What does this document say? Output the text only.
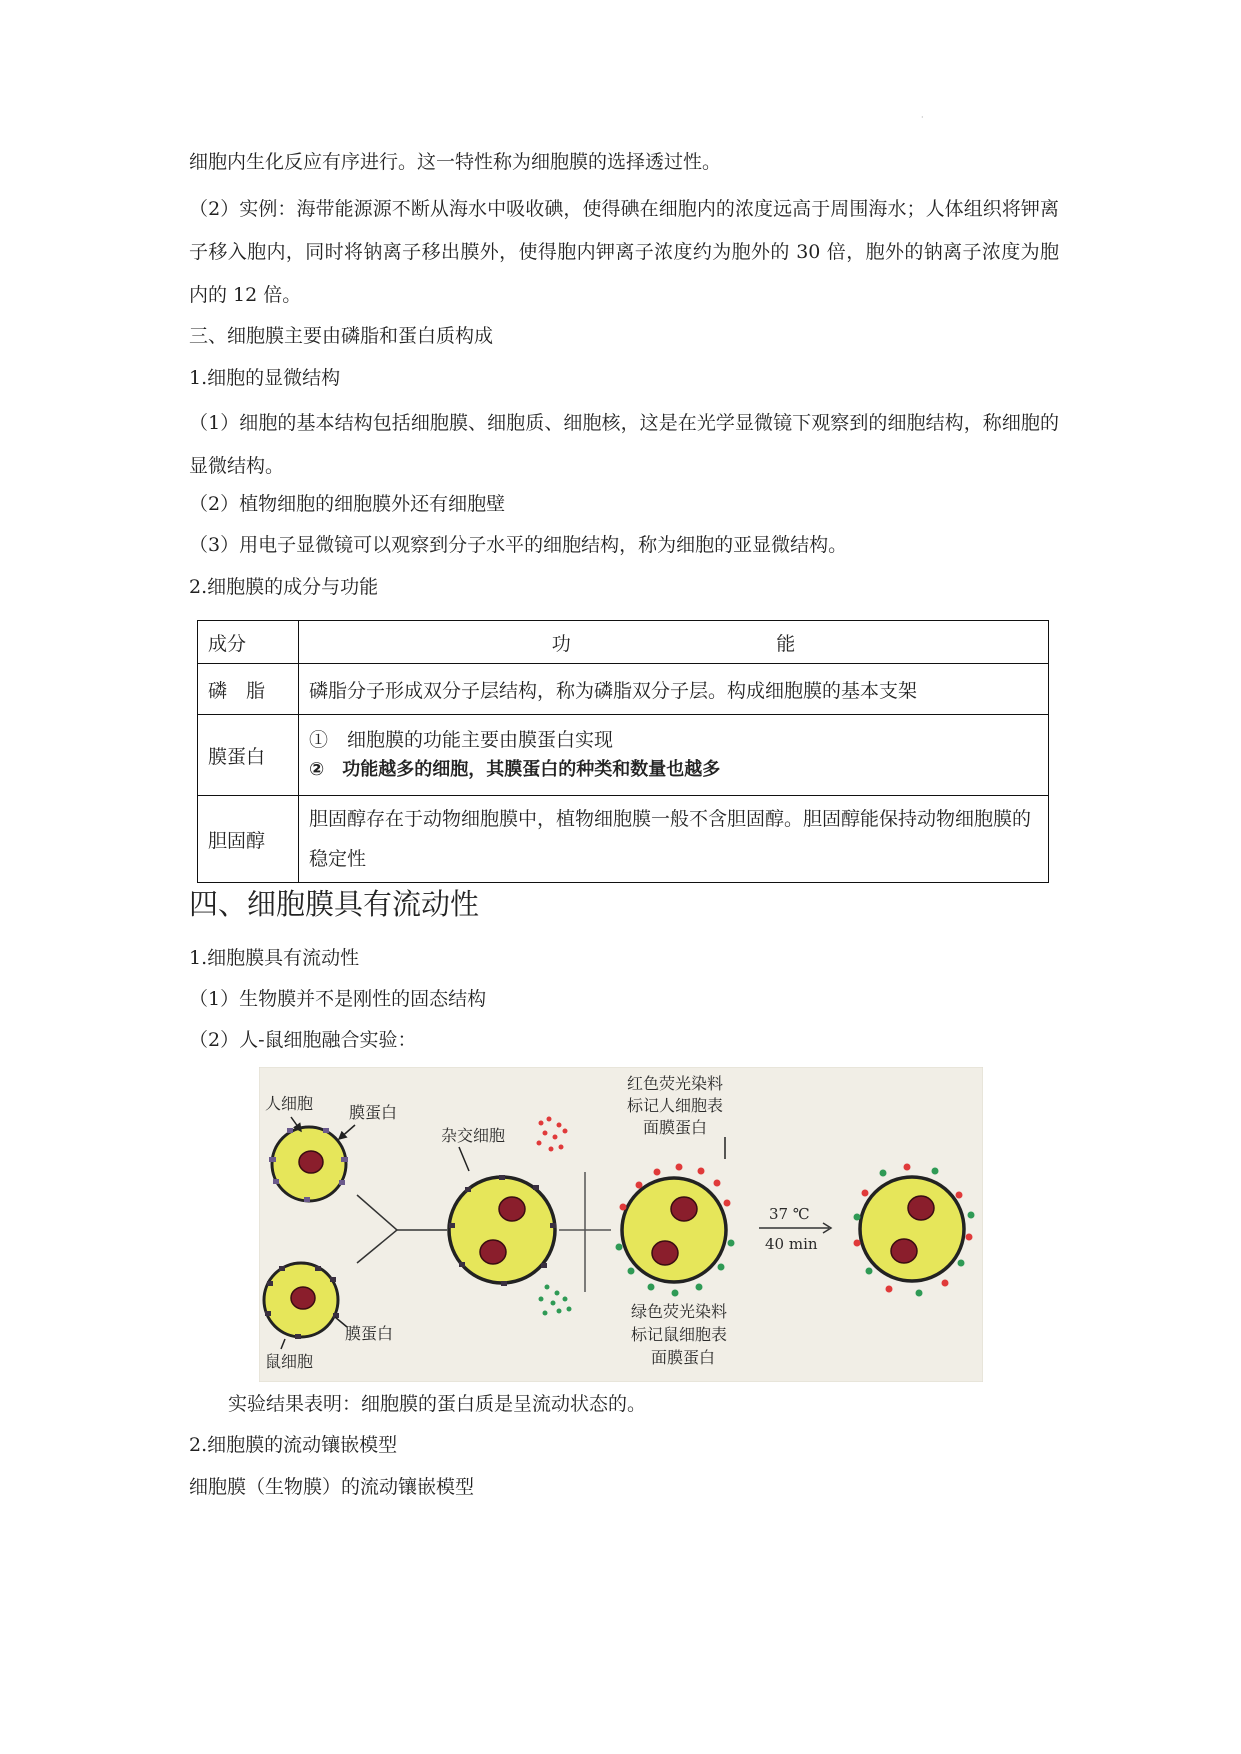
·
细胞内生化反应有序进行。这一特性称为细胞膜的选择透过性。
（2）实例：海带能源源不断从海水中吸收碘，使得碘在细胞内的浓度远高于周围海水；人体组织将钾离子移入胞内，同时将钠离子移出膜外，使得胞内钾离子浓度约为胞外的 30 倍，胞外的钠离子浓度为胞内的 12 倍。
三、细胞膜主要由磷脂和蛋白质构成
1.细胞的显微结构
（1）细胞的基本结构包括细胞膜、细胞质、细胞核，这是在光学显微镜下观察到的细胞结构，称细胞的显微结构。
（2）植物细胞的细胞膜外还有细胞壁
（3）用电子显微镜可以观察到分子水平的细胞结构，称为细胞的亚显微结构。
2.细胞膜的成分与功能
成分	功 能

磷　脂	磷脂分子形成双分子层结构，称为磷脂双分子层。构成细胞膜的基本支架
膜蛋白	①　细胞膜的功能主要由膜蛋白实现
②　功能越多的细胞，其膜蛋白的种类和数量也越多

胆固醇	胆固醇存在于动物细胞膜中，植物细胞膜一般不含胆固醇。胆固醇能保持动物细胞膜的稳定性
四、细胞膜具有流动性
1.细胞膜具有流动性
（1）生物膜并不是刚性的固态结构
（2）人-鼠细胞融合实验：
人细胞 膜蛋白
鼠细胞
膜蛋白
杂交细胞
红色荧光染料
标记人细胞表
面膜蛋白
绿色荧光染料
标记鼠细胞表
面膜蛋白
37 ℃
40 min
实验结果表明：细胞膜的蛋白质是呈流动状态的。
2.细胞膜的流动镶嵌模型
细胞膜（生物膜）的流动镶嵌模型
